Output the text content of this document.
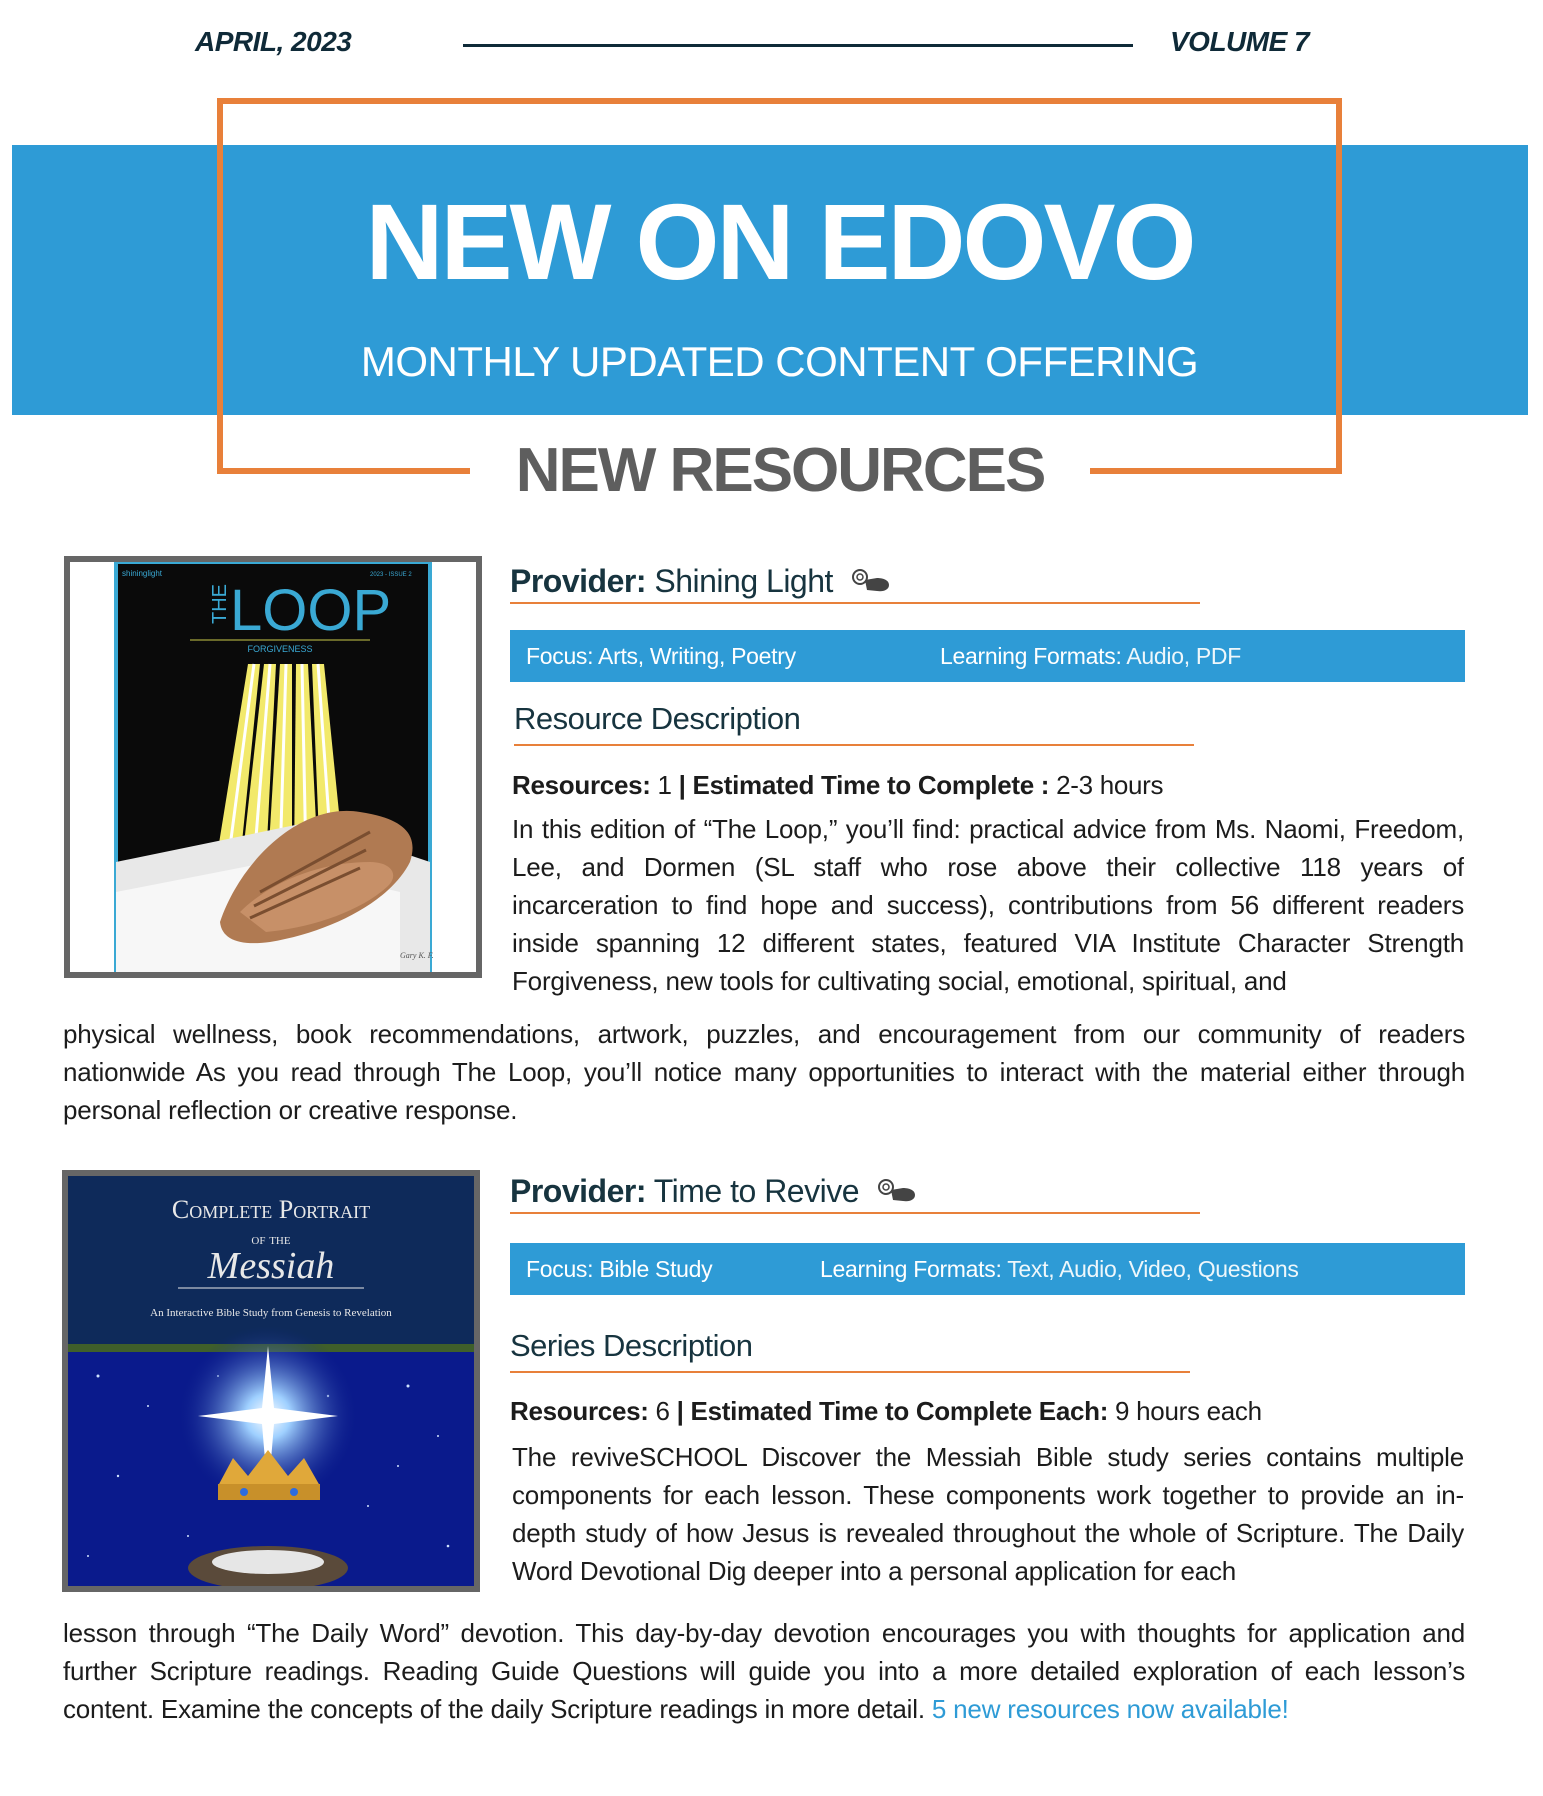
APRIL, 2023	VOLUME 7
NEW ON EDOVO
MONTHLY UPDATED CONTENT OFFERING
NEW RESOURCES
shininglight	2023 - ISSUE 2
THE LOOP
FORGIVENESS
Gary K. F.
Provider: Shining Light
Focus: Arts, Writing, Poetry	Learning Formats: Audio, PDF
Resource Description
Resources: 1 | Estimated Time to Complete : 2-3 hours
In this edition of “The Loop,” you’ll find: practical advice from Ms. Naomi, Freedom, Lee, and Dormen (SL staff who rose above their collective 118 years of incarceration to find hope and success), contributions from 56 different readers inside spanning 12 different states, featured VIA Institute Character Strength Forgiveness, new tools for cultivating social, emotional, spiritual, and
physical wellness, book recommendations, artwork, puzzles, and encouragement from our community of readers nationwide As you read through The Loop, you’ll notice many opportunities to interact with the material either through personal reflection or creative response.
Complete Portrait
of the
Messiah
An Interactive Bible Study from Genesis to Revelation
Provider: Time to Revive
Focus: Bible Study	Learning Formats: Text, Audio, Video, Questions
Series Description
Resources: 6 | Estimated Time to Complete Each: 9 hours each
The reviveSCHOOL Discover the Messiah Bible study series contains multiple components for each lesson. These components work together to provide an in-depth study of how Jesus is revealed throughout the whole of Scripture. The Daily Word Devotional Dig deeper into a personal application for each
lesson through “The Daily Word” devotion. This day-by-day devotion encourages you with thoughts for application and further Scripture readings. Reading Guide Questions will guide you into a more detailed exploration of each lesson’s content. Examine the concepts of the daily Scripture readings in more detail. 5 new resources now available!
